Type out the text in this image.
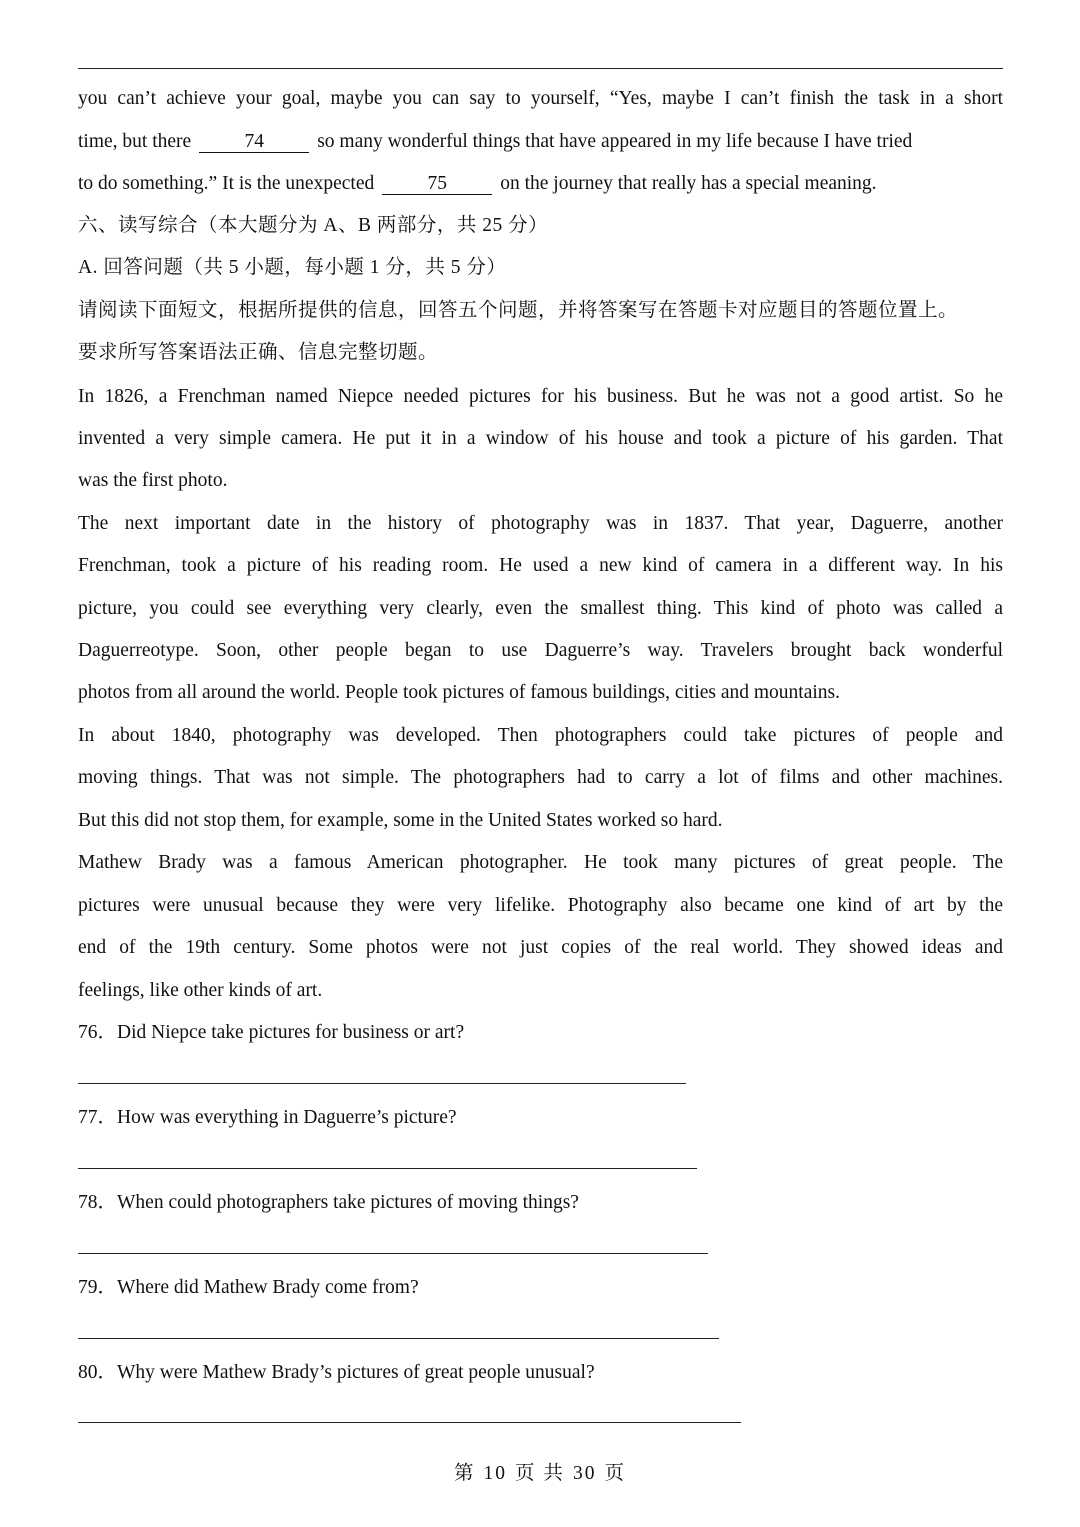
you can’t achieve your goal, maybe you can say to yourself, “Yes, maybe I can’t finish the task in a short
time, but there	74	so many wonderful things that have appeared in my life because I have tried
to do something.” It is the unexpected	75	on the journey that really has a special meaning.
六、读写综合（本大题分为 A、B 两部分，共 25 分）
A. 回答问题（共 5 小题，每小题 1 分，共 5 分）
请阅读下面短文，根据所提供的信息，回答五个问题，并将答案写在答题卡对应题目的答题位置上。
要求所写答案语法正确、信息完整切题。
In 1826, a Frenchman named Niepce needed pictures for his business. But he was not a good artist. So he
invented a very simple camera. He put it in a window of his house and took a picture of his garden. That
was the first photo.
The next important date in the history of photography was in 1837. That year, Daguerre, another
Frenchman, took a picture of his reading room. He used a new kind of camera in a different way. In his
picture, you could see everything very clearly, even the smallest thing. This kind of photo was called a
Daguerreotype. Soon, other people began to use Daguerre’s way. Travelers brought back wonderful
photos from all around the world. People took pictures of famous buildings, cities and mountains.
In about 1840, photography was developed. Then photographers could take pictures of people and
moving things. That was not simple. The photographers had to carry a lot of films and other machines.
But this did not stop them, for example, some in the United States worked so hard.
Mathew Brady was a famous American photographer. He took many pictures of great people. The
pictures were unusual because they were very lifelike. Photography also became one kind of art by the
end of the 19th century. Some photos were not just copies of the real world. They showed ideas and
feelings, like other kinds of art.
76．Did Niepce take pictures for business or art?
77．How was everything in Daguerre’s picture?
78．When could photographers take pictures of moving things?
79．Where did Mathew Brady come from?
80．Why were Mathew Brady’s pictures of great people unusual?
第 10 页 共 30 页
